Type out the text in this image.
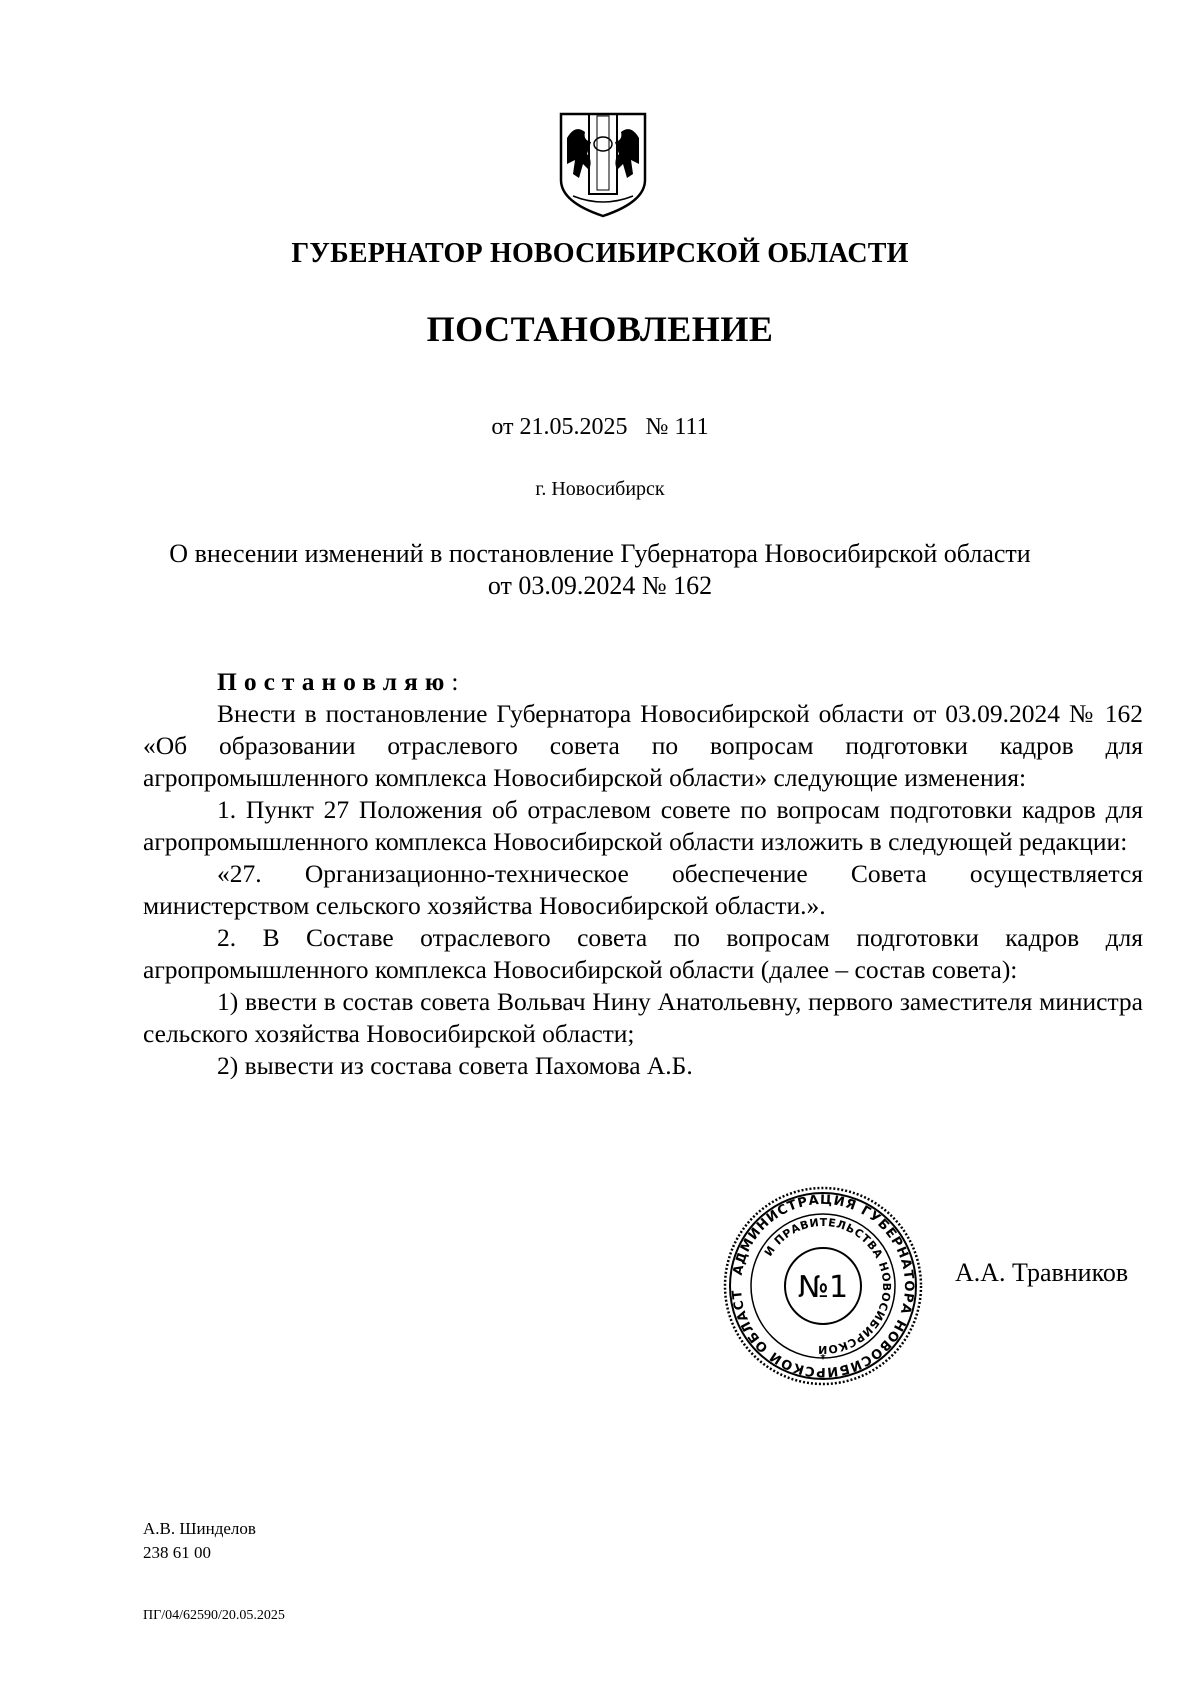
ГУБЕРНАТОР НОВОСИБИРСКОЙ ОБЛАСТИ
ПОСТАНОВЛЕНИЕ
от 21.05.2025 № 111
г. Новосибирск
О внесении изменений в постановление Губернатора Новосибирской области
от 03.09.2024 № 162

Постановляю:

Внести в постановление Губернатора Новосибирской области от 03.09.2024 № 162 «Об образовании отраслевого совета по вопросам подготовки кадров для агропромышленного комплекса Новосибирской области» следующие изменения:

1. Пункт 27 Положения об отраслевом совете по вопросам подготовки кадров для агропромышленного комплекса Новосибирской области изложить в следующей редакции:

«27. Организационно-техническое обеспечение Совета осуществляется министерством сельского хозяйства Новосибирской области.».

2. В Составе отраслевого совета по вопросам подготовки кадров для агропромышленного комплекса Новосибирской области (далее – состав совета):

1) ввести в состав совета Вольвач Нину Анатольевну, первого заместителя министра сельского хозяйства Новосибирской области;

2) вывести из состава совета Пахомова А.Б.

АДМИНИСТРАЦИЯ ГУБЕРНАТОРА НОВОСИБИРСКОЙ ОБЛАСТ
И ПРАВИТЕЛЬСТВА НОВОСИБИРСКОЙ
№1
*
А.А. Травников
А.В. Шинделов
238 61 00
ПГ/04/62590/20.05.2025
